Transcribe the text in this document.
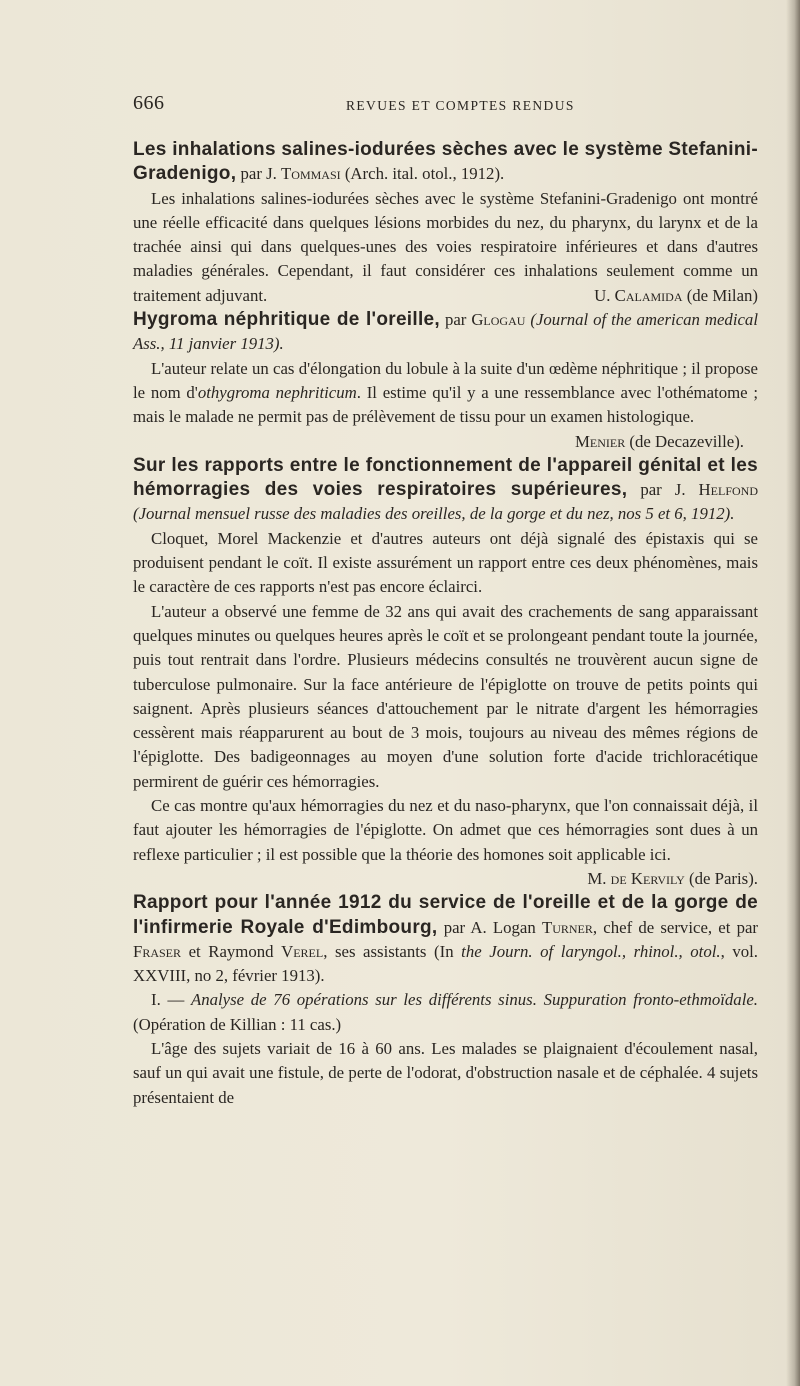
666	REVUES ET COMPTES RENDUS

Les inhalations salines-iodurées sèches avec le système Stefanini-Gradenigo, par J. Tommasi (Arch. ital. otol., 1912).

Les inhalations salines-iodurées sèches avec le système Stefanini-Gradenigo ont montré une réelle efficacité dans quelques lésions morbides du nez, du pharynx, du larynx et de la trachée ainsi qui dans quelques-unes des voies respiratoire inférieures et dans d'autres maladies générales. Cependant, il faut considérer ces inhalations seulement comme un traitement adjuvant.	U. Calamida (de Milan)

Hygroma néphritique de l'oreille, par Glogau (Journal of the american medical Ass., 11 janvier 1913).

L'auteur relate un cas d'élongation du lobule à la suite d'un œdème néphritique ; il propose le nom d'othygroma nephriticum. Il estime qu'il y a une ressemblance avec l'othématome ; mais le malade ne permit pas de prélèvement de tissu pour un examen histologique.

Menier (de Decazeville).

Sur les rapports entre le fonctionnement de l'appareil génital et les hémorragies des voies respiratoires supérieures, par J. Helfond (Journal mensuel russe des maladies des oreilles, de la gorge et du nez, nos 5 et 6, 1912).

Cloquet, Morel Mackenzie et d'autres auteurs ont déjà signalé des épistaxis qui se produisent pendant le coït. Il existe assurément un rapport entre ces deux phénomènes, mais le caractère de ces rapports n'est pas encore éclairci.

L'auteur a observé une femme de 32 ans qui avait des crachements de sang apparaissant quelques minutes ou quelques heures après le coït et se prolongeant pendant toute la journée, puis tout rentrait dans l'ordre. Plusieurs médecins consultés ne trouvèrent aucun signe de tuberculose pulmonaire. Sur la face antérieure de l'épiglotte on trouve de petits points qui saignent. Après plusieurs séances d'attouchement par le nitrate d'argent les hémorragies cessèrent mais réapparurent au bout de 3 mois, toujours au niveau des mêmes régions de l'épiglotte. Des badigeonnages au moyen d'une solution forte d'acide trichloracétique permirent de guérir ces hémorragies.

Ce cas montre qu'aux hémorragies du nez et du naso-pharynx, que l'on connaissait déjà, il faut ajouter les hémorragies de l'épiglotte. On admet que ces hémorragies sont dues à un reflexe particulier ; il est possible que la théorie des homones soit applicable ici.
M. de Kervily (de Paris).

Rapport pour l'année 1912 du service de l'oreille et de la gorge de l'infirmerie Royale d'Edimbourg, par A. Logan Turner, chef de service, et par Fraser et Raymond Verel, ses assistants (In the Journ. of laryngol., rhinol., otol., vol. XXVIII, no 2, février 1913).

I. — Analyse de 76 opérations sur les différents sinus. Suppuration fronto-ethmoïdale. (Opération de Killian : 11 cas.)

L'âge des sujets variait de 16 à 60 ans. Les malades se plaignaient d'écoulement nasal, sauf un qui avait une fistule, de perte de l'odorat, d'obstruction nasale et de céphalée. 4 sujets présentaient de
